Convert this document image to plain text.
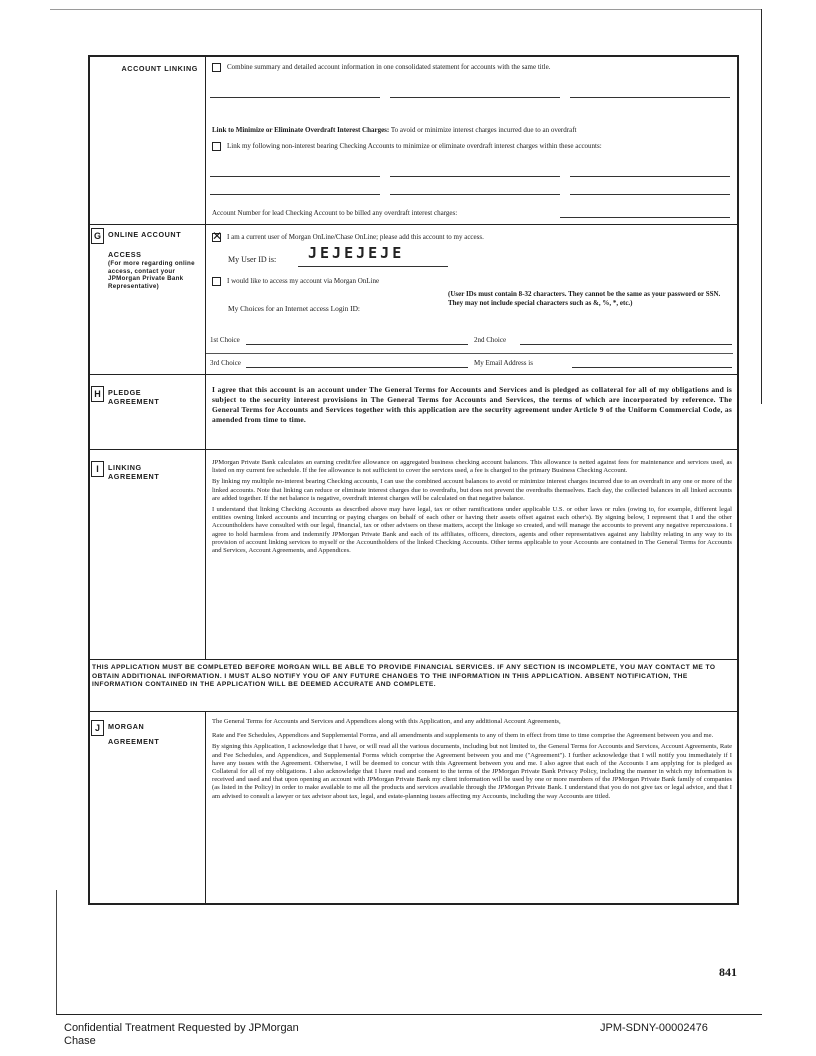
ACCOUNT LINKING	Combine summary and detailed account information in one consolidated statement for accounts with the same title.
Link to Minimize or Eliminate Overdraft Interest Charges: To avoid or minimize interest charges incurred due to an overdraft
Link my following non-interest bearing Checking Accounts to minimize or eliminate overdraft interest charges within these accounts:
Account Number for lead Checking Account to be billed any overdraft interest charges:
G ONLINE ACCOUNT
ACCESS
(For more regarding online access, contact your JPMorgan Private Bank Representative)
✕I am a current user of Morgan OnLine/Chase OnLine; please add this account to my access.
My User ID is: JEJEJEJE
I would like to access my account via Morgan OnLine
My Choices for an Internet access Login ID:
(User IDs must contain 8-32 characters. They cannot be the same as your password or SSN. They may not include special characters such as &, %, *, etc.)
1st Choice	2nd Choice
3rd Choice	My Email Address is
H	PLEDGE
AGREEMENT
I agree that this account is an account under The General Terms for Accounts and Services and is pledged as collateral for all of my obligations and is subject to the security interest provisions in The General Terms for Accounts and Services, the terms of which are incorporated by reference. The General Terms for Accounts and Services together with this application are the security agreement under Article 9 of the Uniform Commercial Code, as amended from time to time.
I	LINKING
AGREEMENT

JPMorgan Private Bank calculates an earning credit/fee allowance on aggregated business checking account balances. This allowance is netted against fees for maintenance and services used, as listed on my current fee schedule. If the fee allowance is not sufficient to cover the services used, a fee is charged to the primary Business Checking Account.

By linking my multiple no-interest bearing Checking accounts, I can use the combined account balances to avoid or minimize interest charges incurred due to an overdraft in any one or more of the linked accounts. Note that linking can reduce or eliminate interest charges due to overdrafts, but does not prevent the overdrafts themselves. Each day, the collected balances in all linked accounts are added together. If the net balance is negative, overdraft interest charges will be calculated on that negative balance.

I understand that linking Checking Accounts as described above may have legal, tax or other ramifications under applicable U.S. or other laws or rules (owing to, for example, different legal entities owning linked accounts and incurring or paying charges on behalf of each other or having their assets offset against each other's). By signing below, I represent that I and the other Accountholders have consulted with our legal, financial, tax or other advisers on these matters, accept the linkage so created, and will manage the accounts to prevent any negative repercussions. I agree to hold harmless from and indemnify JPMorgan Private Bank and each of its affiliates, officers, directors, agents and other representatives against any liability relating in any way to its provision of account linking services to myself or the Accountholders of the linked Checking Accounts. Other terms applicable to your Accounts are contained in The General Terms for Accounts and Services, Account Agreements, and Appendices.

THIS APPLICATION MUST BE COMPLETED BEFORE MORGAN WILL BE ABLE TO PROVIDE FINANCIAL SERVICES. IF ANY SECTION IS INCOMPLETE, YOU MAY CONTACT ME TO OBTAIN ADDITIONAL INFORMATION. I MUST ALSO NOTIFY YOU OF ANY FUTURE CHANGES TO THE INFORMATION IN THIS APPLICATION. ABSENT NOTIFICATION, THE INFORMATION CONTAINED IN THE APPLICATION WILL BE DEEMED ACCURATE AND COMPLETE.
J	MORGAN
AGREEMENT

The General Terms for Accounts and Services and Appendices along with this Application, and any additional Account Agreements,

Rate and Fee Schedules, Appendices and Supplemental Forms, and all amendments and supplements to any of them in effect from time to time comprise the Agreement between you and me.

By signing this Application, I acknowledge that I have, or will read all the various documents, including but not limited to, the General Terms for Accounts and Services, Account Agreements, Rate and Fee Schedules, and Appendices, and Supplemental Forms which comprise the Agreement between you and me ("Agreement"). I further acknowledge that I will notify you immediately if I have any issues with the Agreement. Otherwise, I will be deemed to concur with this Agreement between you and me. I also agree that each of the Accounts I am applying for is pledged as Collateral for all of my obligations. I also acknowledge that I have read and consent to the terms of the JPMorgan Private Bank Privacy Policy, including the manner in which my information is received and used and that upon opening an account with JPMorgan Private Bank my client information will be used by one or more members of the JPMorgan Private Bank family of companies (as listed in the Policy) in order to make available to me all the products and services available through the JPMorgan Private Bank. I understand that you do not give tax or legal advice, and that I am advised to consult a lawyer or tax advisor about tax, legal, and estate-planning issues affecting my Accounts, including the way Accounts are titled.

841
Confidential Treatment Requested by JPMorgan Chase
JPM-SDNY-00002476
